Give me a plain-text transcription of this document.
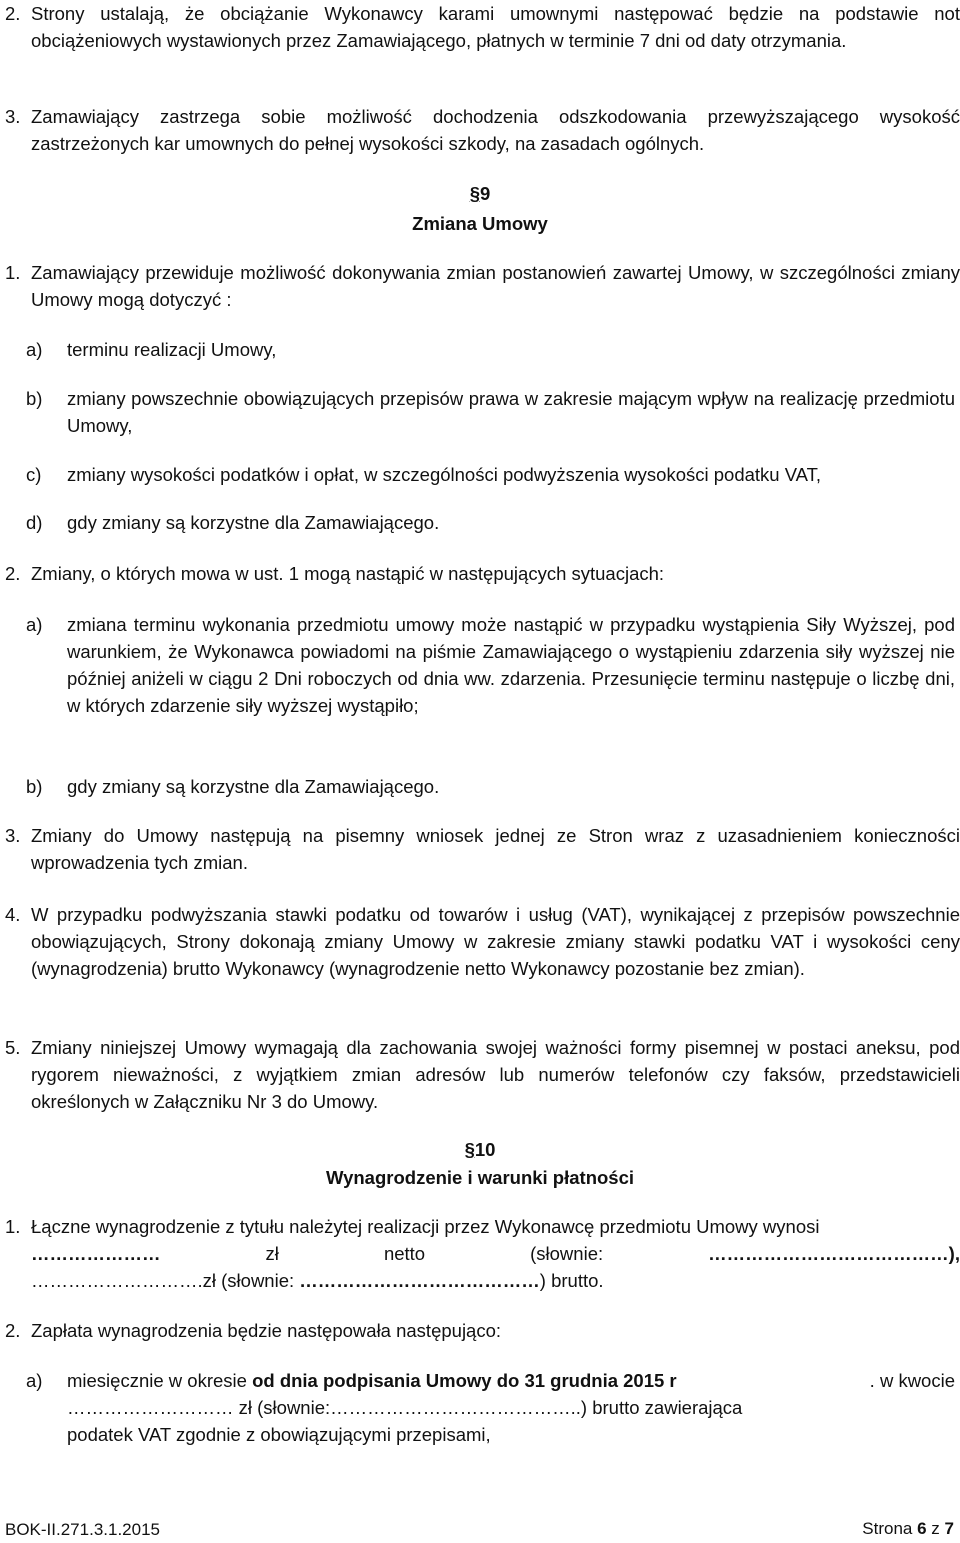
2. Strony ustalają, że obciążanie Wykonawcy karami umownymi następować będzie na podstawie not obciążeniowych wystawionych przez Zamawiającego, płatnych w terminie 7 dni od daty otrzymania.
3. Zamawiający zastrzega sobie możliwość dochodzenia odszkodowania przewyższającego wysokość zastrzeżonych kar umownych do pełnej wysokości szkody, na zasadach ogólnych.
§9
Zmiana Umowy
1. Zamawiający przewiduje możliwość dokonywania zmian postanowień zawartej Umowy, w szczególności zmiany Umowy mogą dotyczyć :
a) terminu realizacji Umowy,
b) zmiany powszechnie obowiązujących przepisów prawa w zakresie mającym wpływ na realizację przedmiotu Umowy,
c) zmiany wysokości podatków i opłat, w szczególności podwyższenia wysokości podatku VAT,
d) gdy zmiany są korzystne dla Zamawiającego.
2. Zmiany, o których mowa w ust. 1 mogą nastąpić w następujących sytuacjach:
a) zmiana terminu wykonania przedmiotu umowy może nastąpić w przypadku wystąpienia Siły Wyższej, pod warunkiem, że Wykonawca powiadomi na piśmie Zamawiającego o wystąpieniu zdarzenia siły wyższej nie później aniżeli w ciągu 2 Dni roboczych od dnia ww. zdarzenia. Przesunięcie terminu następuje o liczbę dni, w których zdarzenie siły wyższej wystąpiło;
b) gdy zmiany są korzystne dla Zamawiającego.
3. Zmiany do Umowy następują na pisemny wniosek jednej ze Stron wraz z uzasadnieniem konieczności wprowadzenia tych zmian.
4. W przypadku podwyższania stawki podatku od towarów i usług (VAT), wynikającej z przepisów powszechnie obowiązujących, Strony dokonają zmiany Umowy w zakresie zmiany stawki podatku VAT i wysokości ceny (wynagrodzenia) brutto Wykonawcy (wynagrodzenie netto Wykonawcy pozostanie bez zmian).
5. Zmiany niniejszej Umowy wymagają dla zachowania swojej ważności formy pisemnej w postaci aneksu, pod rygorem nieważności, z wyjątkiem zmian adresów lub numerów telefonów czy faksów, przedstawicieli określonych w Załączniku Nr 3 do Umowy.
§10
Wynagrodzenie i warunki płatności
1. Łączne wynagrodzenie z tytułu należytej realizacji przez Wykonawcę przedmiotu Umowy wynosi
…………………	zł	netto	(słownie:	…………………………………),
……………………….zł (słownie: …………………………………) brutto.
2. Zapłata wynagrodzenia będzie następowała następująco:
a) miesięcznie w okresie od dnia podpisania Umowy do 31 grudnia 2015 r	. w kwocie
……………………… zł (słownie:…………………………………..) brutto zawierająca
podatek VAT zgodnie z obowiązującymi przepisami,
BOK-II.271.3.1.2015	Strona 6 z 7
